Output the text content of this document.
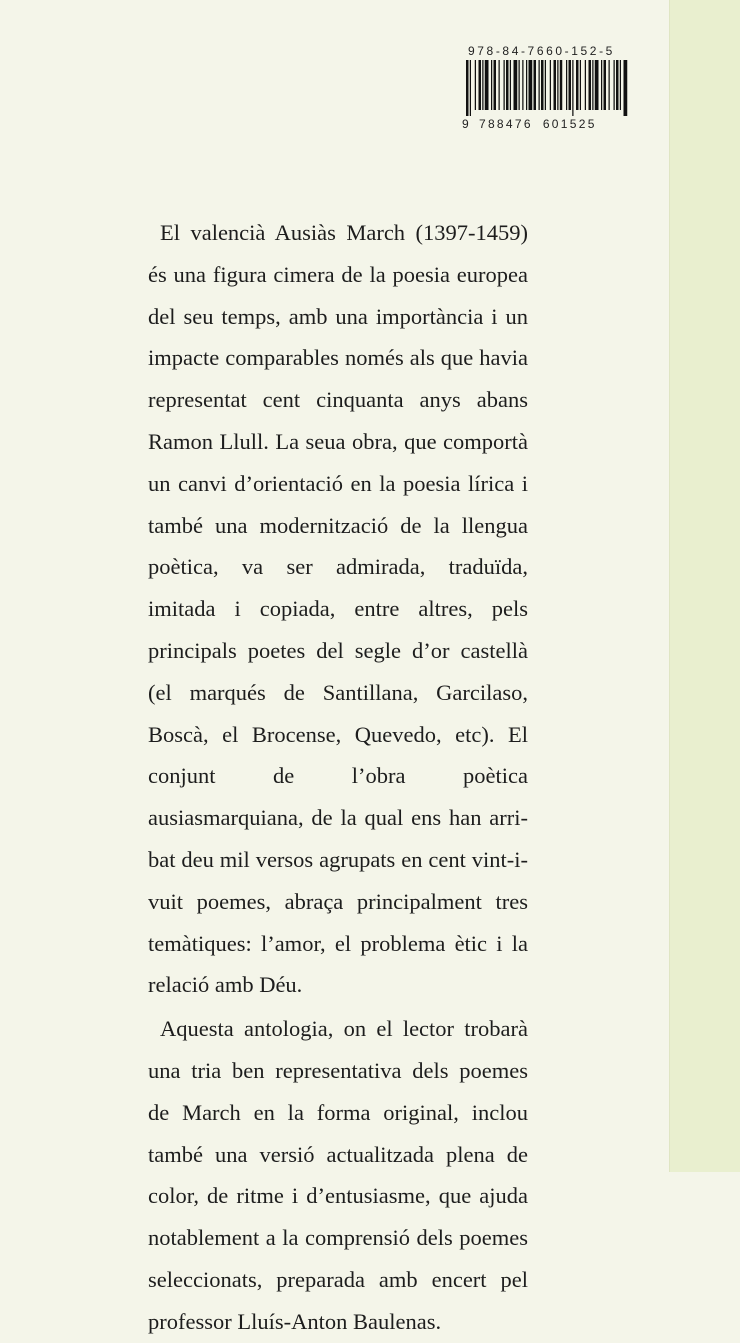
978-84-7660-152-5
9 788476 601525

El valencià Ausiàs March (1397-1459) és una figura cimera de la poesia europea del seu temps, amb una importància i un impacte comparables només als que havia representat cent cinquanta anys abans Ramon Llull. La seua obra, que comportà un canvi d’orientació en la poesia lírica i també una modernització de la llengua poètica, va ser admirada, traduïda, imitada i copiada, entre altres, pels principals poetes del segle d’or castellà (el marqués de Santillana, Garcilaso, Boscà, el Brocense, Quevedo, etc). El conjunt de l’obra poètica ausiasmarquiana, de la qual ens han arribat deu mil versos agrupats en cent vint-i-vuit poemes, abraça principalment tres temàtiques: l’amor, el problema ètic i la relació amb Déu.

Aquesta antologia, on el lector trobarà una tria ben representativa dels poemes de March en la forma original, inclou també una versió actualitzada plena de color, de ritme i d’entusiasme, que ajuda notablement a la comprensió dels poemes seleccionats, preparada amb encert pel professor Lluís-Anton Baulenas.
